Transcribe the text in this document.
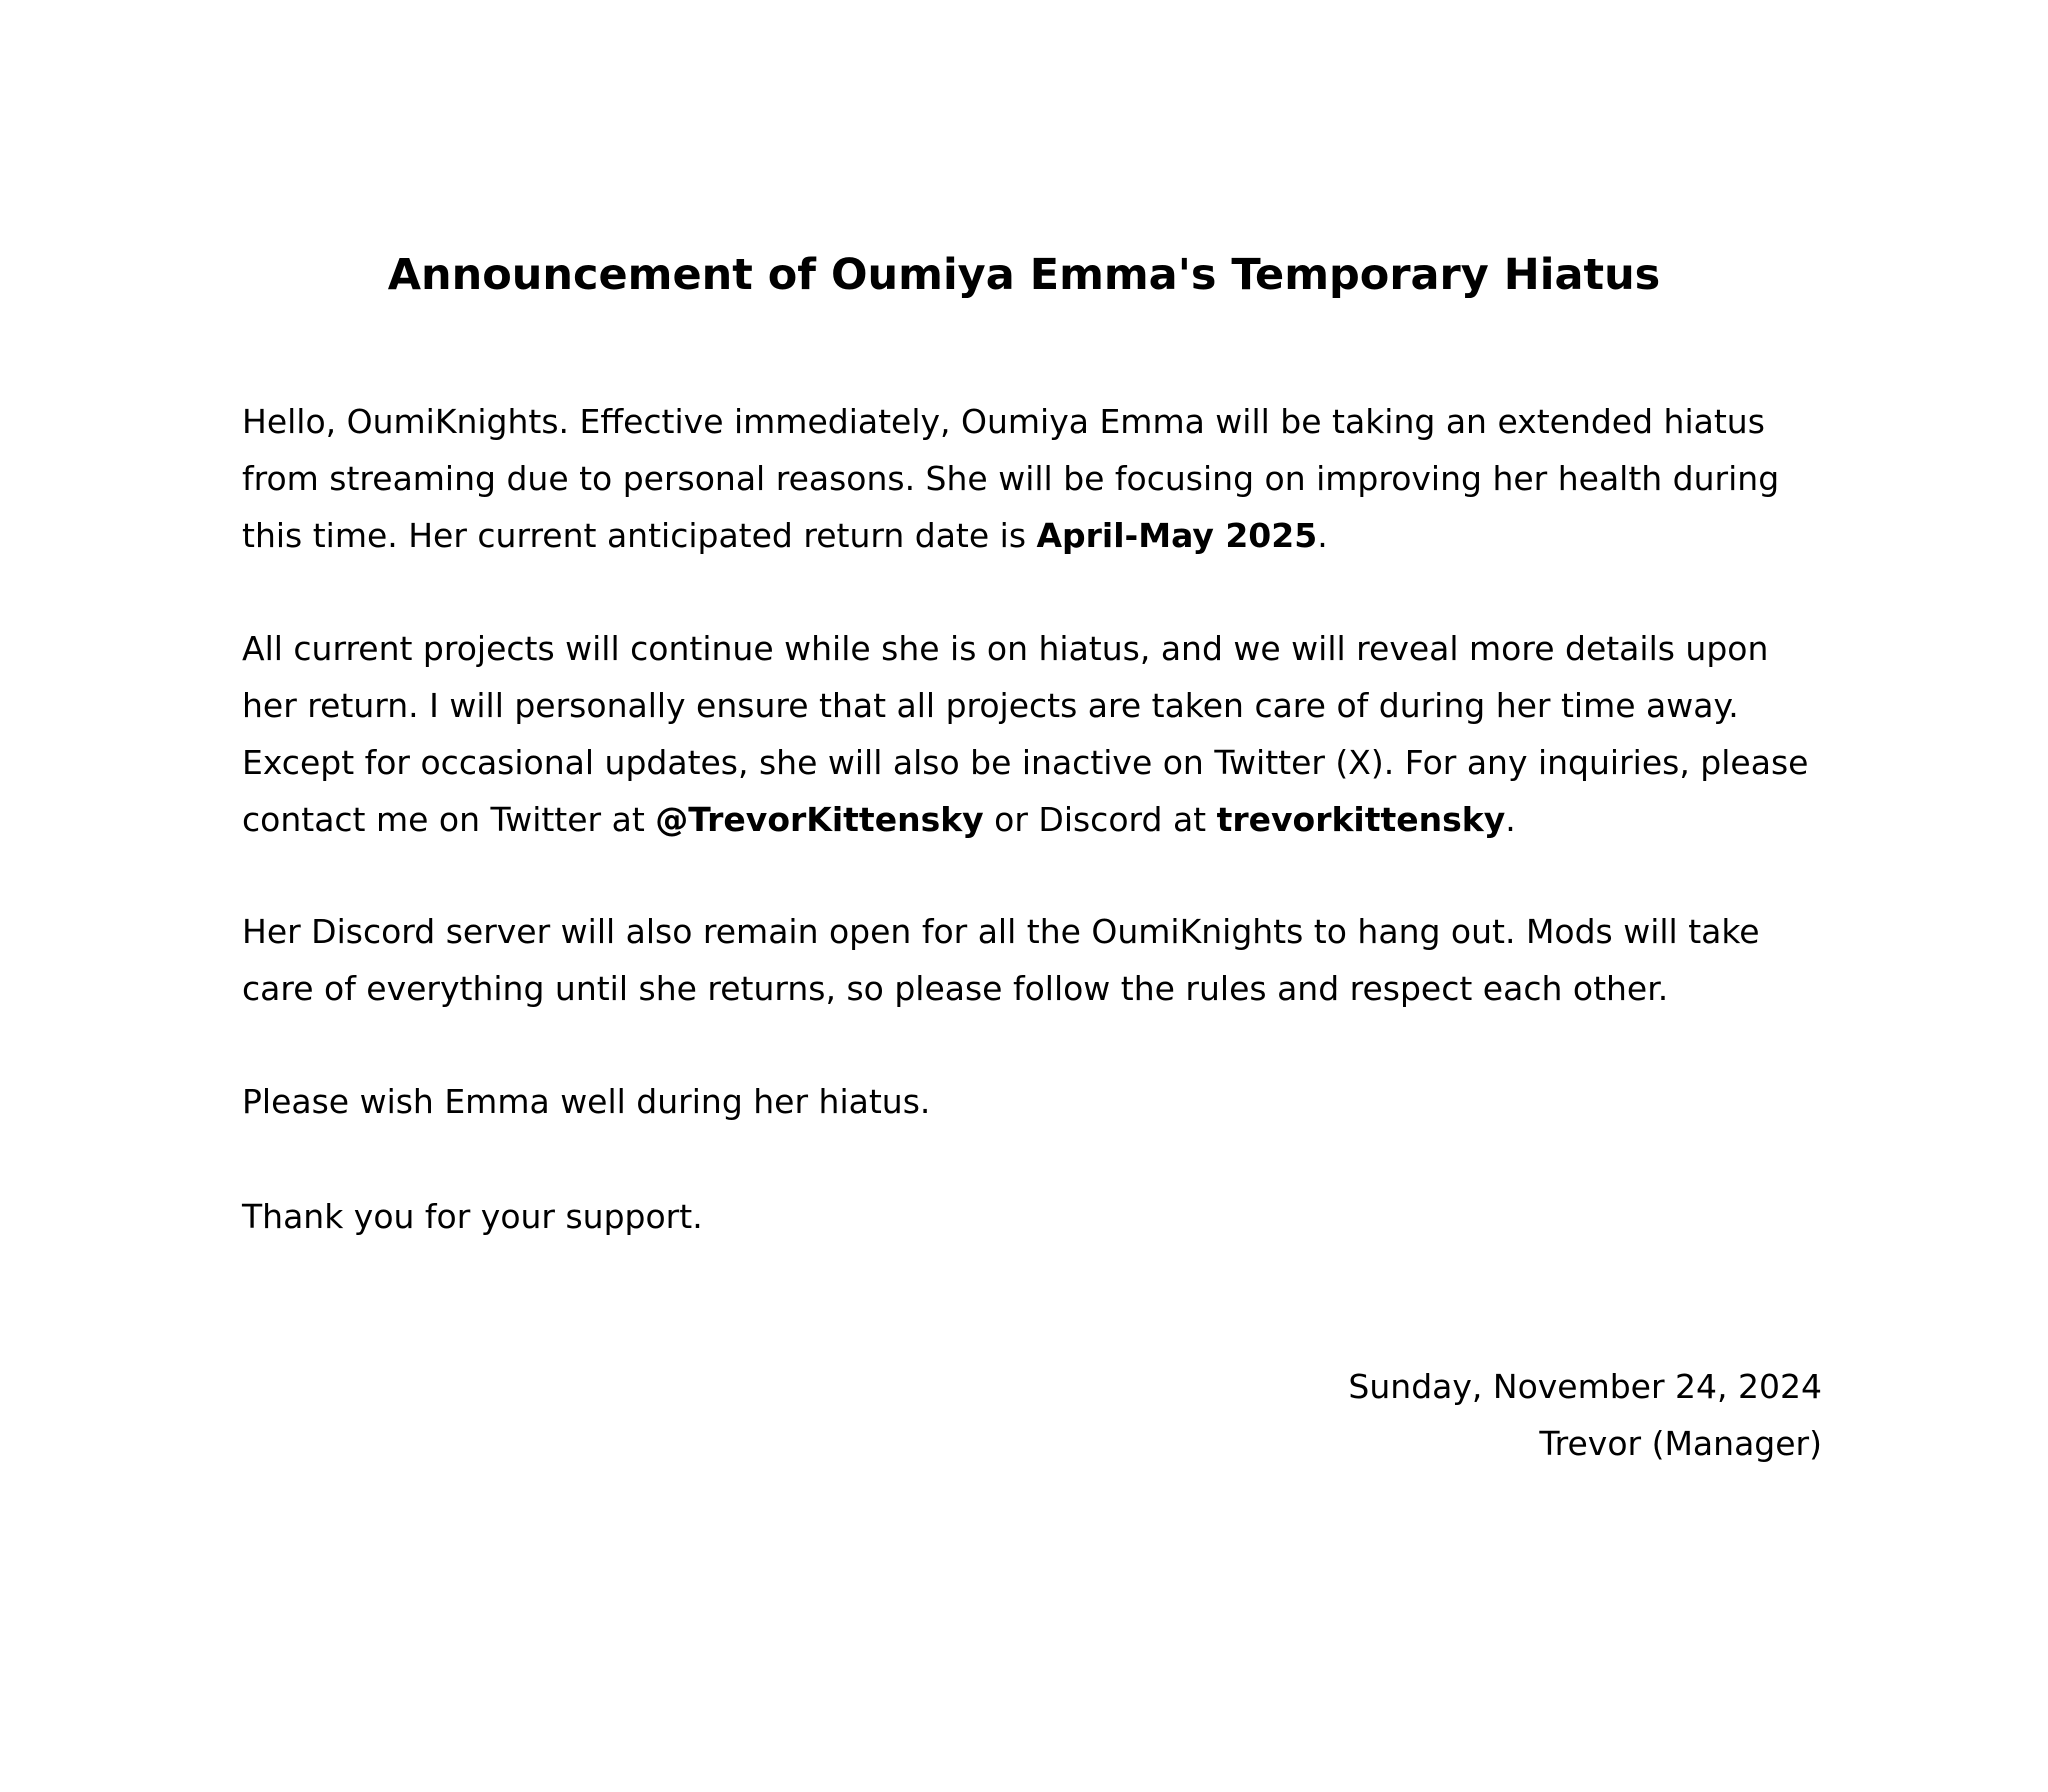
Announcement of Oumiya Emma's Temporary Hiatus

Hello, OumiKnights. Effective immediately, Oumiya Emma will be taking an extended hiatus
from streaming due to personal reasons. She will be focusing on improving her health during
this time. Her current anticipated return date is April-May 2025.

All current projects will continue while she is on hiatus, and we will reveal more details upon
her return. I will personally ensure that all projects are taken care of during her time away.
Except for occasional updates, she will also be inactive on Twitter (X). For any inquiries, please
contact me on Twitter at @TrevorKittensky or Discord at trevorkittensky.

Her Discord server will also remain open for all the OumiKnights to hang out. Mods will take
care of everything until she returns, so please follow the rules and respect each other.

Please wish Emma well during her hiatus.

Thank you for your support.

Sunday, November 24, 2024
Trevor (Manager)
